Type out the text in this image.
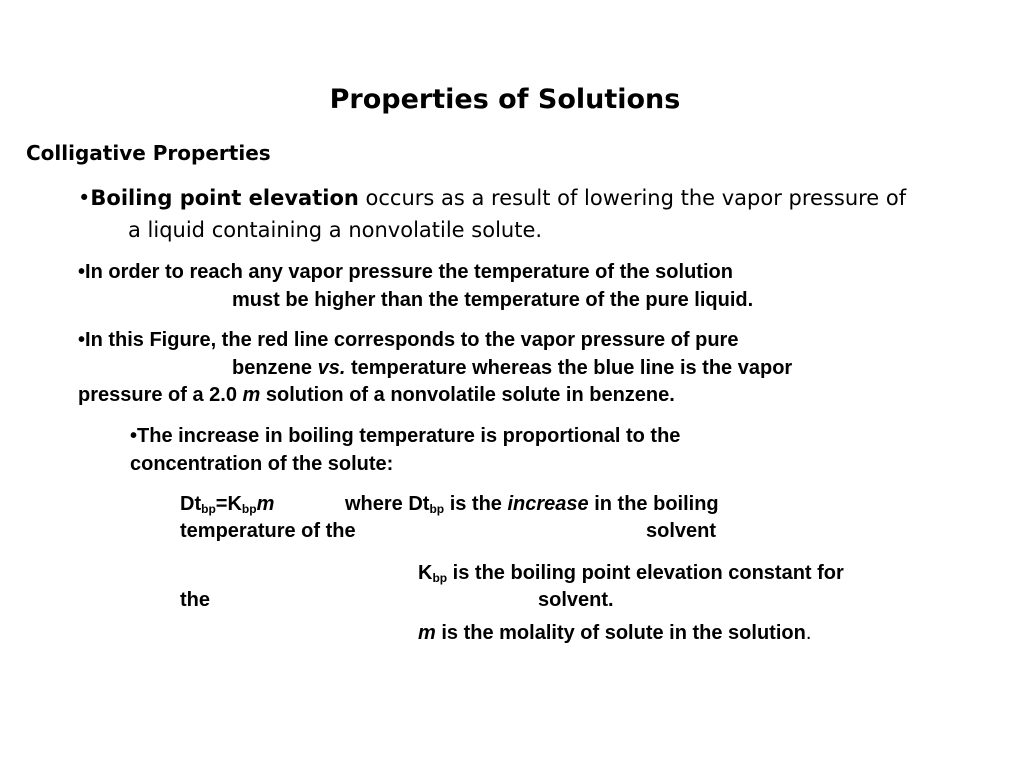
Properties of Solutions
Colligative Properties
•Boiling point elevation occurs as a result of lowering the vapor pressure of
a liquid containing a nonvolatile solute.
•In order to reach any vapor pressure the temperature of the solution
must be higher than the temperature of the pure liquid.
•In this Figure, the red line corresponds to the vapor pressure of pure
benzene vs. temperature whereas the blue line is the vapor
pressure of a 2.0 m solution of a nonvolatile solute in benzene.
•The increase in boiling temperature is proportional to the
concentration of the solute:
$Dt_{bp}=K_{bp}m$	where $Dt_{bp}$ is the increase in the boiling
temperature of the	solvent
$K_{bp}$ is the boiling point elevation constant for
the	solvent.
m is the molality of solute in the solution.
